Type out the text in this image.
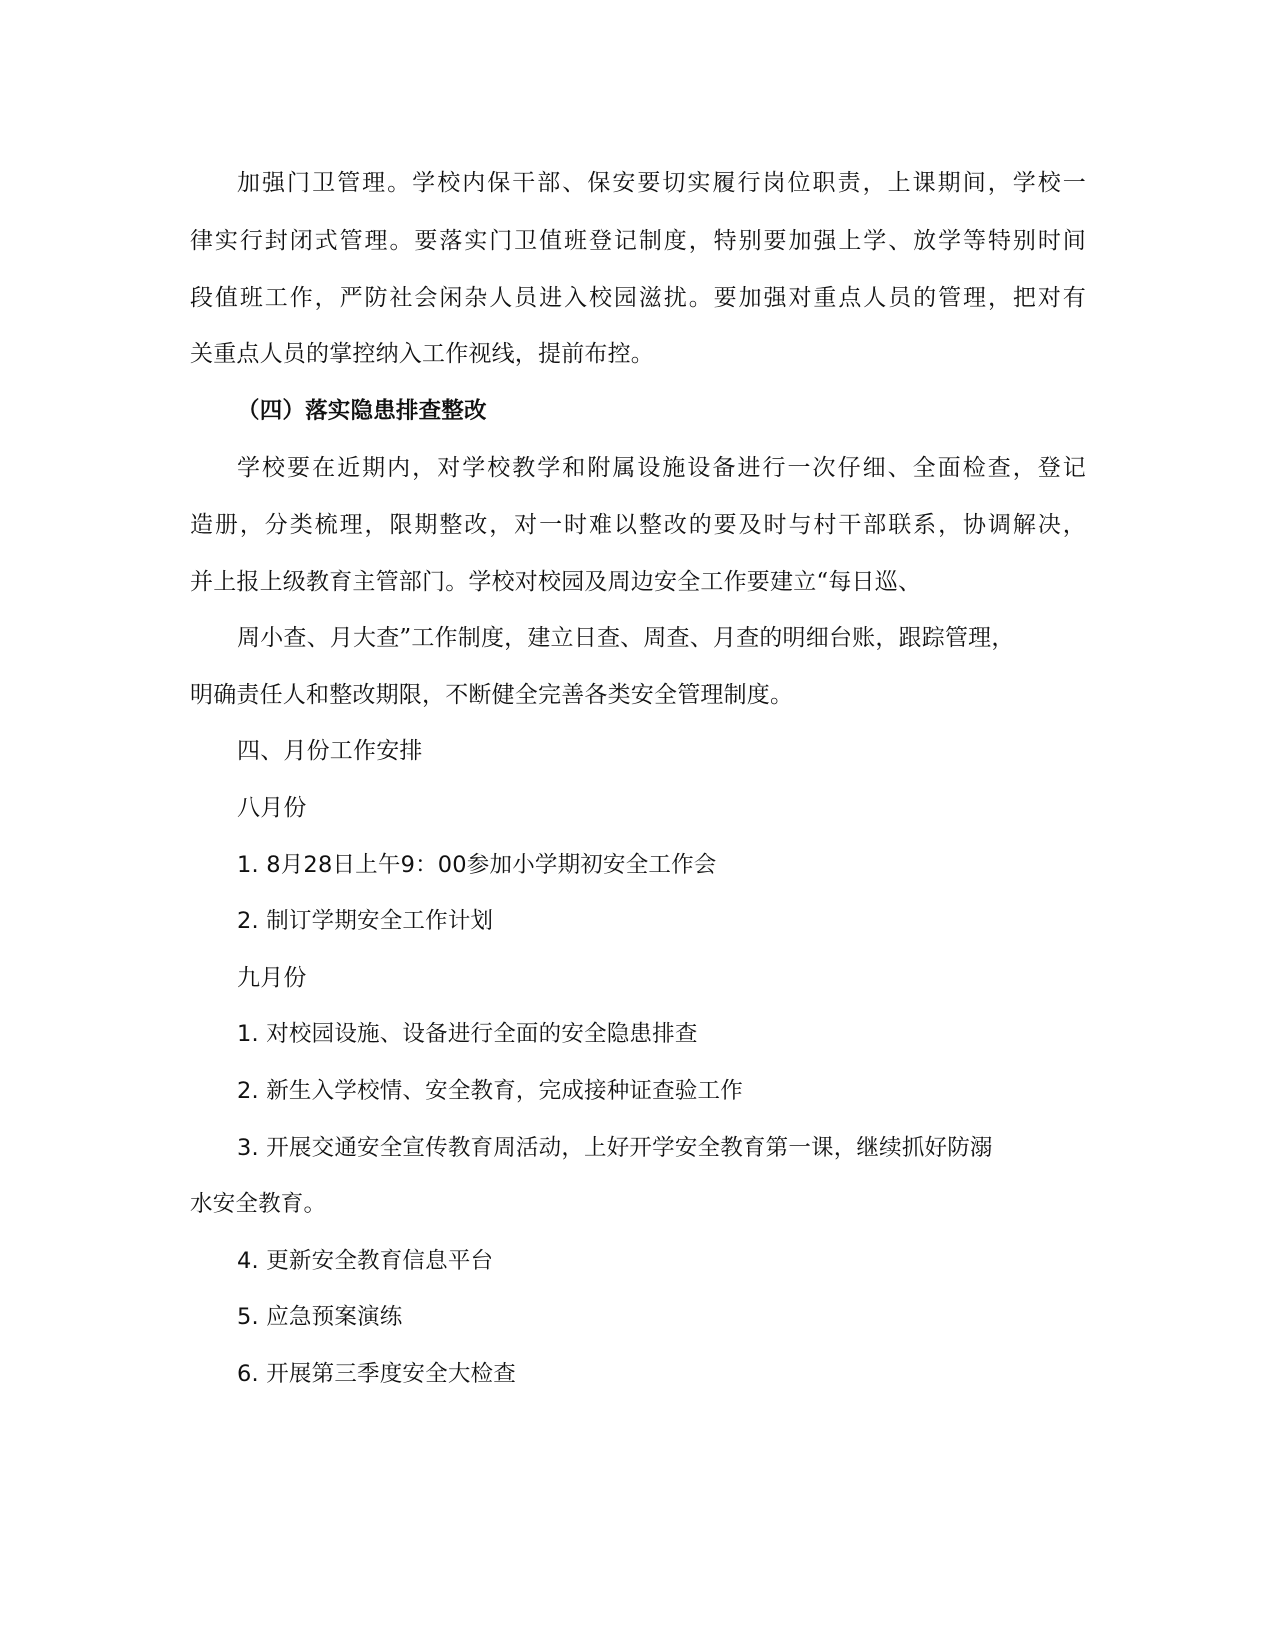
加强门卫管理。学校内保干部、保安要切实履行岗位职责，上课期间，学校一
律实行封闭式管理。要落实门卫值班登记制度，特别要加强上学、放学等特别时间
段值班工作，严防社会闲杂人员进入校园滋扰。要加强对重点人员的管理，把对有
关重点人员的掌控纳入工作视线，提前布控。
（四）落实隐患排查整改
学校要在近期内，对学校教学和附属设施设备进行一次仔细、全面检查，登记
造册，分类梳理，限期整改，对一时难以整改的要及时与村干部联系，协调解决，
并上报上级教育主管部门。学校对校园及周边安全工作要建立“每日巡、
周小查、月大查”工作制度，建立日查、周查、月查的明细台账，跟踪管理，
明确责任人和整改期限，不断健全完善各类安全管理制度。
四、月份工作安排
八月份
1. 8月28日上午9：00参加小学期初安全工作会
2. 制订学期安全工作计划
九月份
1. 对校园设施、设备进行全面的安全隐患排查
2. 新生入学校情、安全教育，完成接种证查验工作
3. 开展交通安全宣传教育周活动，上好开学安全教育第一课，继续抓好防溺
水安全教育。
4. 更新安全教育信息平台
5. 应急预案演练
6. 开展第三季度安全大检查
